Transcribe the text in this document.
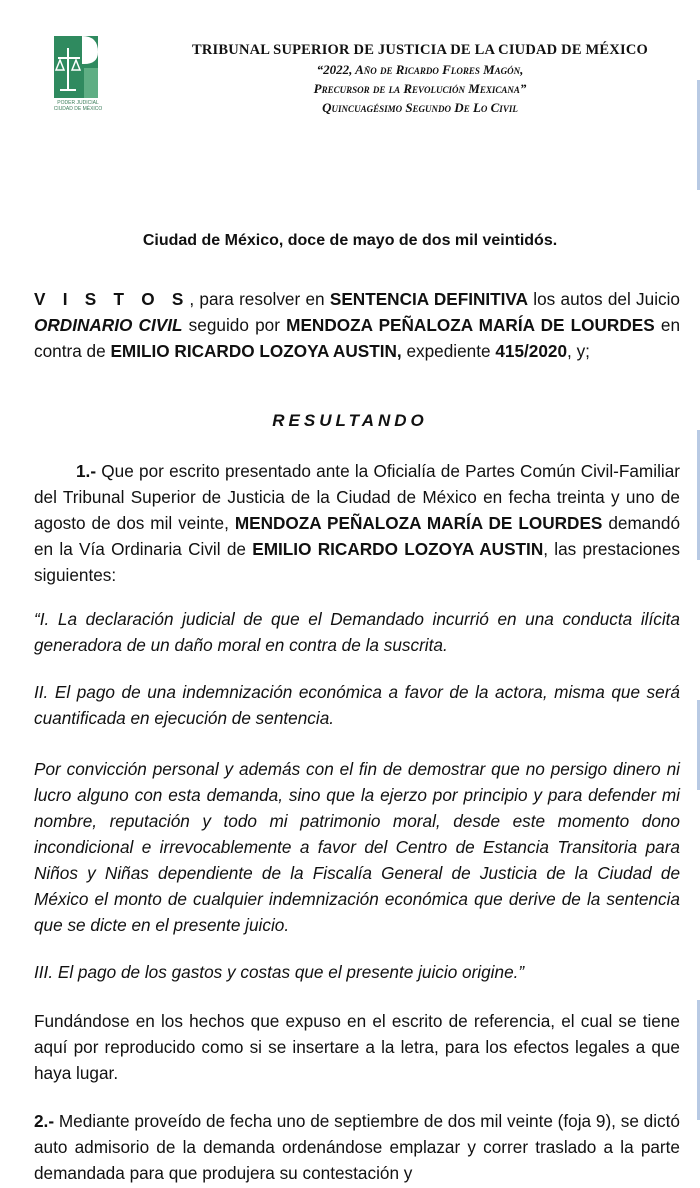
PODER JUDICIAL
CIUDAD DE MÉXICO
TRIBUNAL SUPERIOR DE JUSTICIA DE LA CIUDAD DE MÉXICO
“2022, Año de Ricardo Flores Magón,
Precursor de la Revolución Mexicana”
Quincuagésimo Segundo De Lo Civil
Ciudad de México, doce de mayo de dos mil veintidós.
V I S T O S, para resolver en SENTENCIA DEFINITIVA los autos del Juicio ORDINARIO CIVIL seguido por MENDOZA PEÑALOZA MARÍA DE LOURDES en contra de EMILIO RICARDO LOZOYA AUSTIN, expediente 415/2020, y;
RESULTANDO
1.- Que por escrito presentado ante la Oficialía de Partes Común Civil-Familiar del Tribunal Superior de Justicia de la Ciudad de México en fecha treinta y uno de agosto de dos mil veinte, MENDOZA PEÑALOZA MARÍA DE LOURDES demandó en la Vía Ordinaria Civil de EMILIO RICARDO LOZOYA AUSTIN, las prestaciones siguientes:
“I. La declaración judicial de que el Demandado incurrió en una conducta ilícita generadora de un daño moral en contra de la suscrita.
II. El pago de una indemnización económica a favor de la actora, misma que será cuantificada en ejecución de sentencia.
Por convicción personal y además con el fin de demostrar que no persigo dinero ni lucro alguno con esta demanda, sino que la ejerzo por principio y para defender mi nombre, reputación y todo mi patrimonio moral, desde este momento dono incondicional e irrevocablemente a favor del Centro de Estancia Transitoria para Niños y Niñas dependiente de la Fiscalía General de Justicia de la Ciudad de México el monto de cualquier indemnización económica que derive de la sentencia que se dicte en el presente juicio.
III. El pago de los gastos y costas que el presente juicio origine.”
Fundándose en los hechos que expuso en el escrito de referencia, el cual se tiene aquí por reproducido como si se insertare a la letra, para los efectos legales a que haya lugar.
2.- Mediante proveído de fecha uno de septiembre de dos mil veinte (foja 9), se dictó auto admisorio de la demanda ordenándose emplazar y correr traslado a la parte demandada para que produjera su contestación y
